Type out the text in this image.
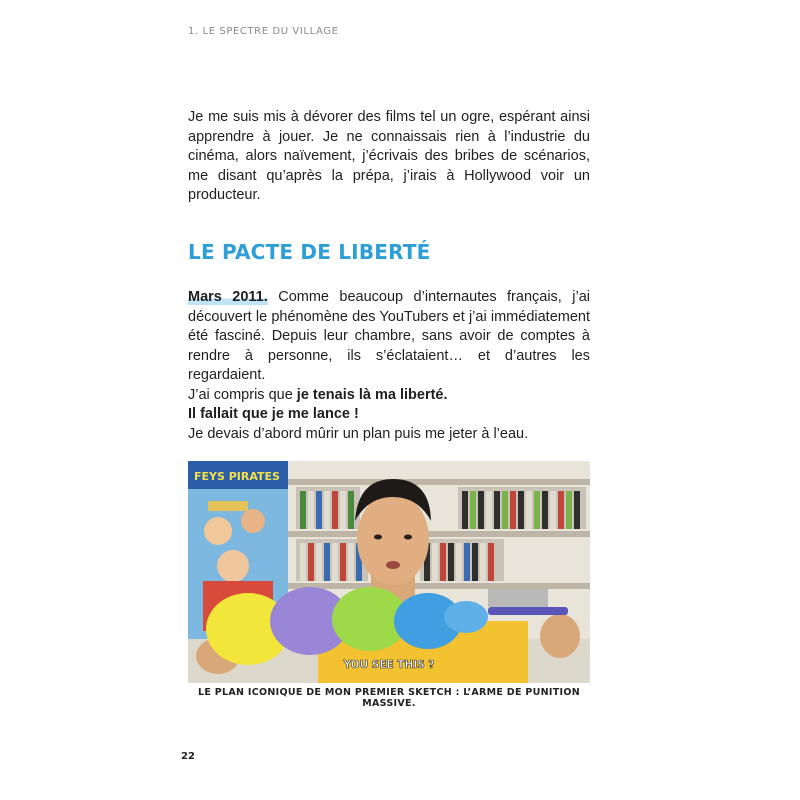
1. LE SPECTRE DU VILLAGE
Je me suis mis à dévorer des films tel un ogre, espérant ainsi apprendre à jouer. Je ne connaissais rien à l’industrie du cinéma, alors naïvement, j’écrivais des bribes de scénarios, me disant qu’après la prépa, j’irais à Hollywood voir un producteur.
LE PACTE DE LIBERTÉ
Mars 2011. Comme beaucoup d’internautes français, j’ai découvert le phénomène des YouTubers et j’ai immédiatement été fasciné. Depuis leur chambre, sans avoir de comptes à rendre à personne, ils s’éclataient… et d’autres les regardaient.
J’ai compris que je tenais là ma liberté.
Il fallait que je me lance !
Je devais d’abord mûrir un plan puis me jeter à l’eau.
FEYS PIRATES
YOU SEE THIS ?
LE PLAN ICONIQUE DE MON PREMIER SKETCH : L’ARME DE PUNITION MASSIVE.
22
